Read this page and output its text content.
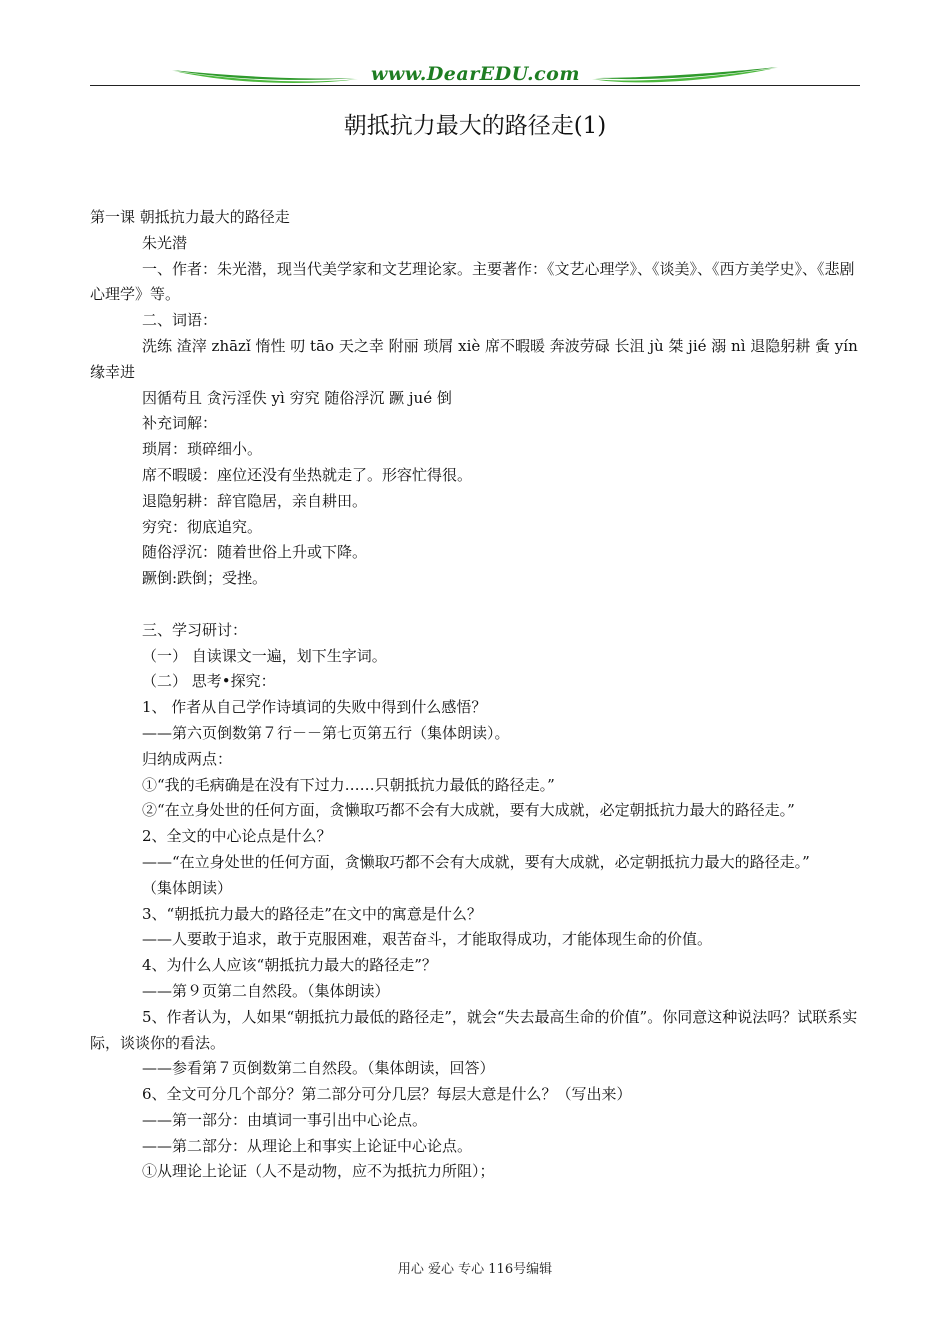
www.DearEDU.com
朝抵抗力最大的路径走(1)
第一课 朝抵抗力最大的路径走
朱光潜
一、作者：朱光潜，现当代美学家和文艺理论家。主要著作：《文艺心理学》、《谈美》、《西方美学史》、《悲剧心理学》等。
二、词语：
洗练 渣滓 zhāzǐ 惰性 叨 tāo 天之幸 附丽 琐屑 xiè 席不暇暖 奔波劳碌 长沮 jù 桀 jié 溺 nì 退隐躬耕 夤 yín 缘幸进
因循苟且 贪污淫佚 yì 穷究 随俗浮沉 蹶 jué 倒
补充词解：
琐屑：琐碎细小。
席不暇暖：座位还没有坐热就走了。形容忙得很。
退隐躬耕：辞官隐居，亲自耕田。
穷究：彻底追究。
随俗浮沉：随着世俗上升或下降。
蹶倒:跌倒；受挫。
三、学习研讨：
（一） 自读课文一遍，划下生字词。
（二） 思考•探究：
1、 作者从自己学作诗填词的失败中得到什么感悟？
——第六页倒数第７行－－第七页第五行（集体朗读）。
归纳成两点：
①“我的毛病确是在没有下过力……只朝抵抗力最低的路径走。”
②“在立身处世的任何方面，贪懒取巧都不会有大成就，要有大成就，必定朝抵抗力最大的路径走。”
2、全文的中心论点是什么？
——“在立身处世的任何方面，贪懒取巧都不会有大成就，要有大成就，必定朝抵抗力最大的路径走。”
（集体朗读）
3、“朝抵抗力最大的路径走”在文中的寓意是什么？
——人要敢于追求，敢于克服困难，艰苦奋斗，才能取得成功，才能体现生命的价值。
4、为什么人应该“朝抵抗力最大的路径走”？
——第９页第二自然段。（集体朗读）
5、作者认为，人如果“朝抵抗力最低的路径走”，就会“失去最高生命的价值”。你同意这种说法吗？试联系实际，谈谈你的看法。
——参看第７页倒数第二自然段。（集体朗读，回答）
6、全文可分几个部分？第二部分可分几层？每层大意是什么？（写出来）
——第一部分：由填词一事引出中心论点。
——第二部分：从理论上和事实上论证中心论点。
①从理论上论证（人不是动物，应不为抵抗力所阻）；
用心 爱心 专心 116号编辑
